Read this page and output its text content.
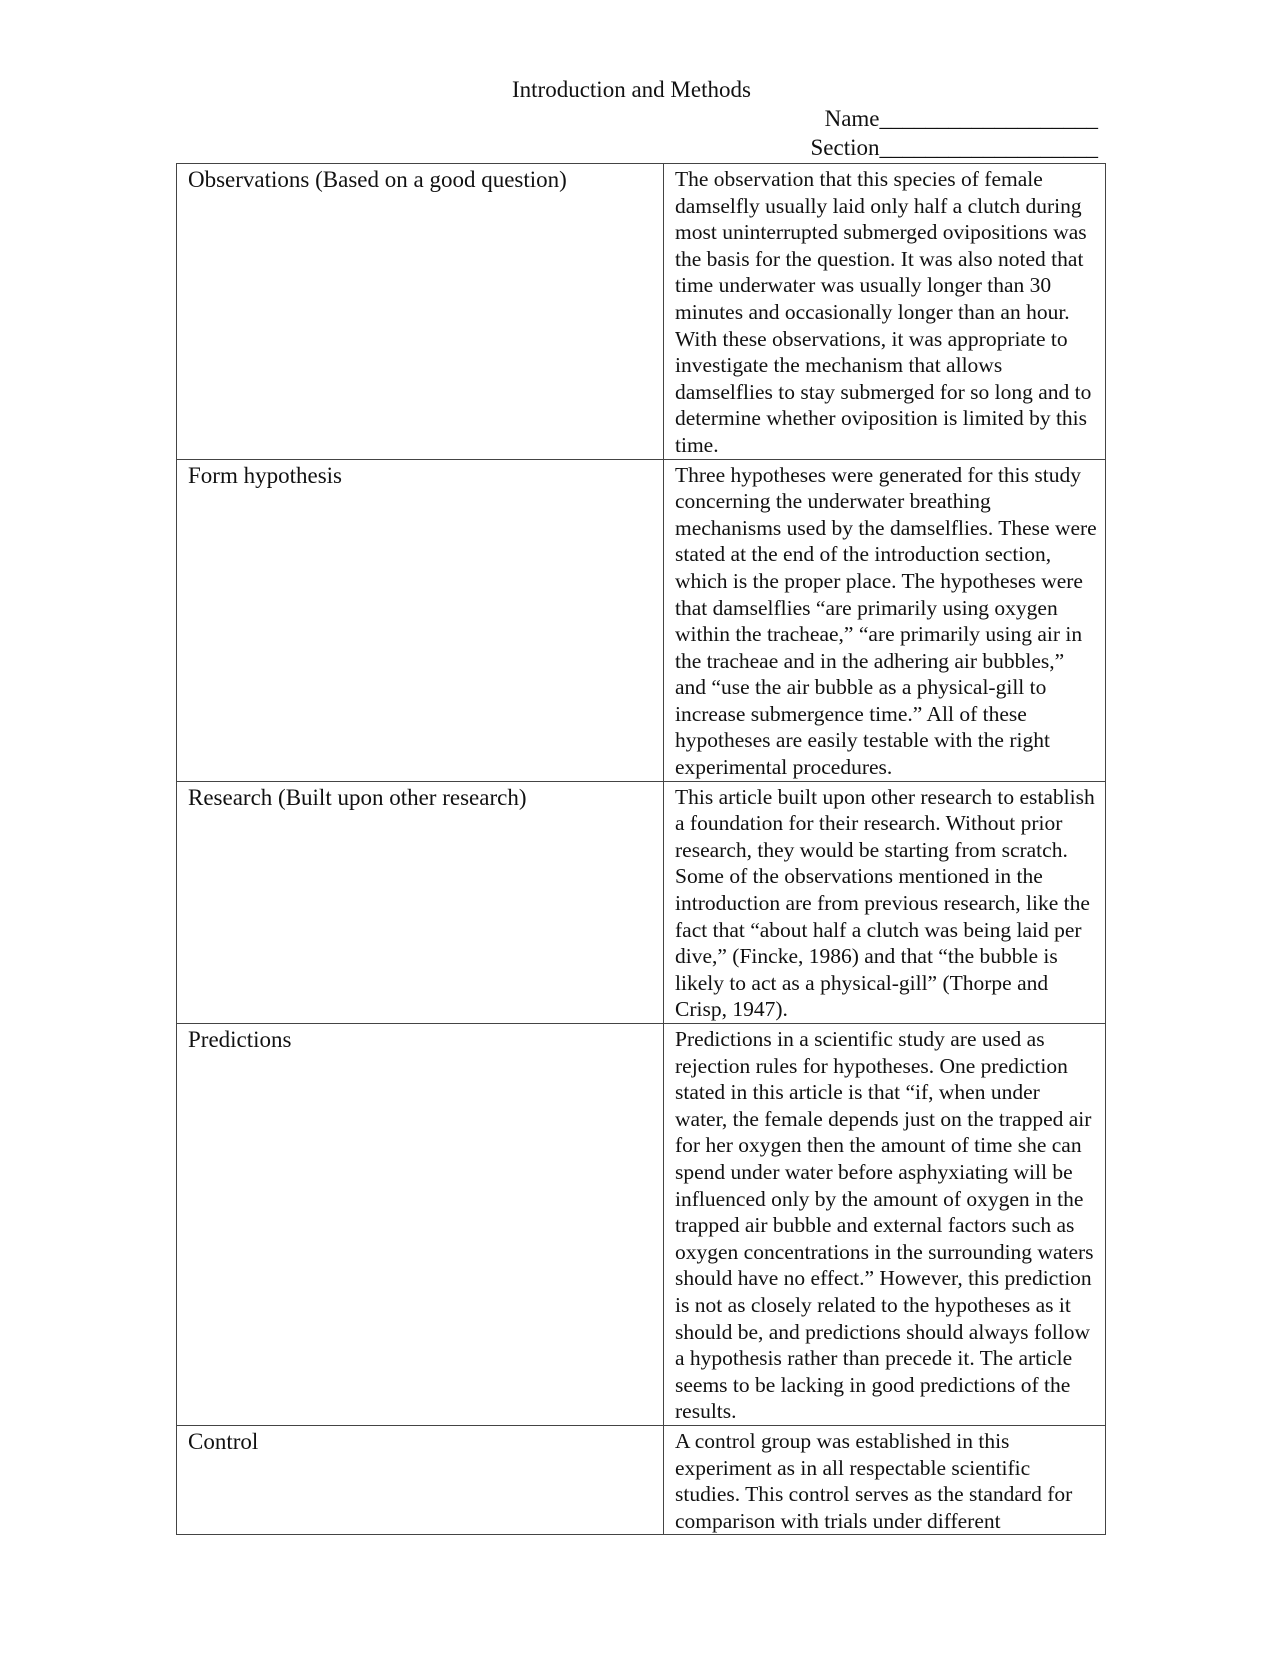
Introduction and Methods
Name___________________
Section___________________
Observations (Based on a good question)	The observation that this species of female damselfly usually laid only half a clutch during most uninterrupted submerged ovipositions was the basis for the question. It was also noted that time underwater was usually longer than 30 minutes and occasionally longer than an hour. With these observations, it was appropriate to investigate the mechanism that allows damselflies to stay submerged for so long and to determine whether oviposition is limited by this time.
Form hypothesis	Three hypotheses were generated for this study concerning the underwater breathing mechanisms used by the damselflies. These were stated at the end of the introduction section, which is the proper place. The hypotheses were that damselflies “are primarily using oxygen within the tracheae,” “are primarily using air in the tracheae and in the adhering air bubbles,” and “use the air bubble as a physical-gill to increase submergence time.” All of these hypotheses are easily testable with the right experimental procedures.
Research (Built upon other research)	This article built upon other research to establish a foundation for their research. Without prior research, they would be starting from scratch. Some of the observations mentioned in the introduction are from previous research, like the fact that “about half a clutch was being laid per dive,” (Fincke, 1986) and that “the bubble is likely to act as a physical-gill” (Thorpe and Crisp, 1947).
Predictions	Predictions in a scientific study are used as rejection rules for hypotheses. One prediction stated in this article is that “if, when under water, the female depends just on the trapped air for her oxygen then the amount of time she can spend under water before asphyxiating will be influenced only by the amount of oxygen in the trapped air bubble and external factors such as oxygen concentrations in the surrounding waters should have no effect.” However, this prediction is not as closely related to the hypotheses as it should be, and predictions should always follow a hypothesis rather than precede it. The article seems to be lacking in good predictions of the results.
Control	A control group was established in this experiment as in all respectable scientific studies. This control serves as the standard for comparison with trials under different
